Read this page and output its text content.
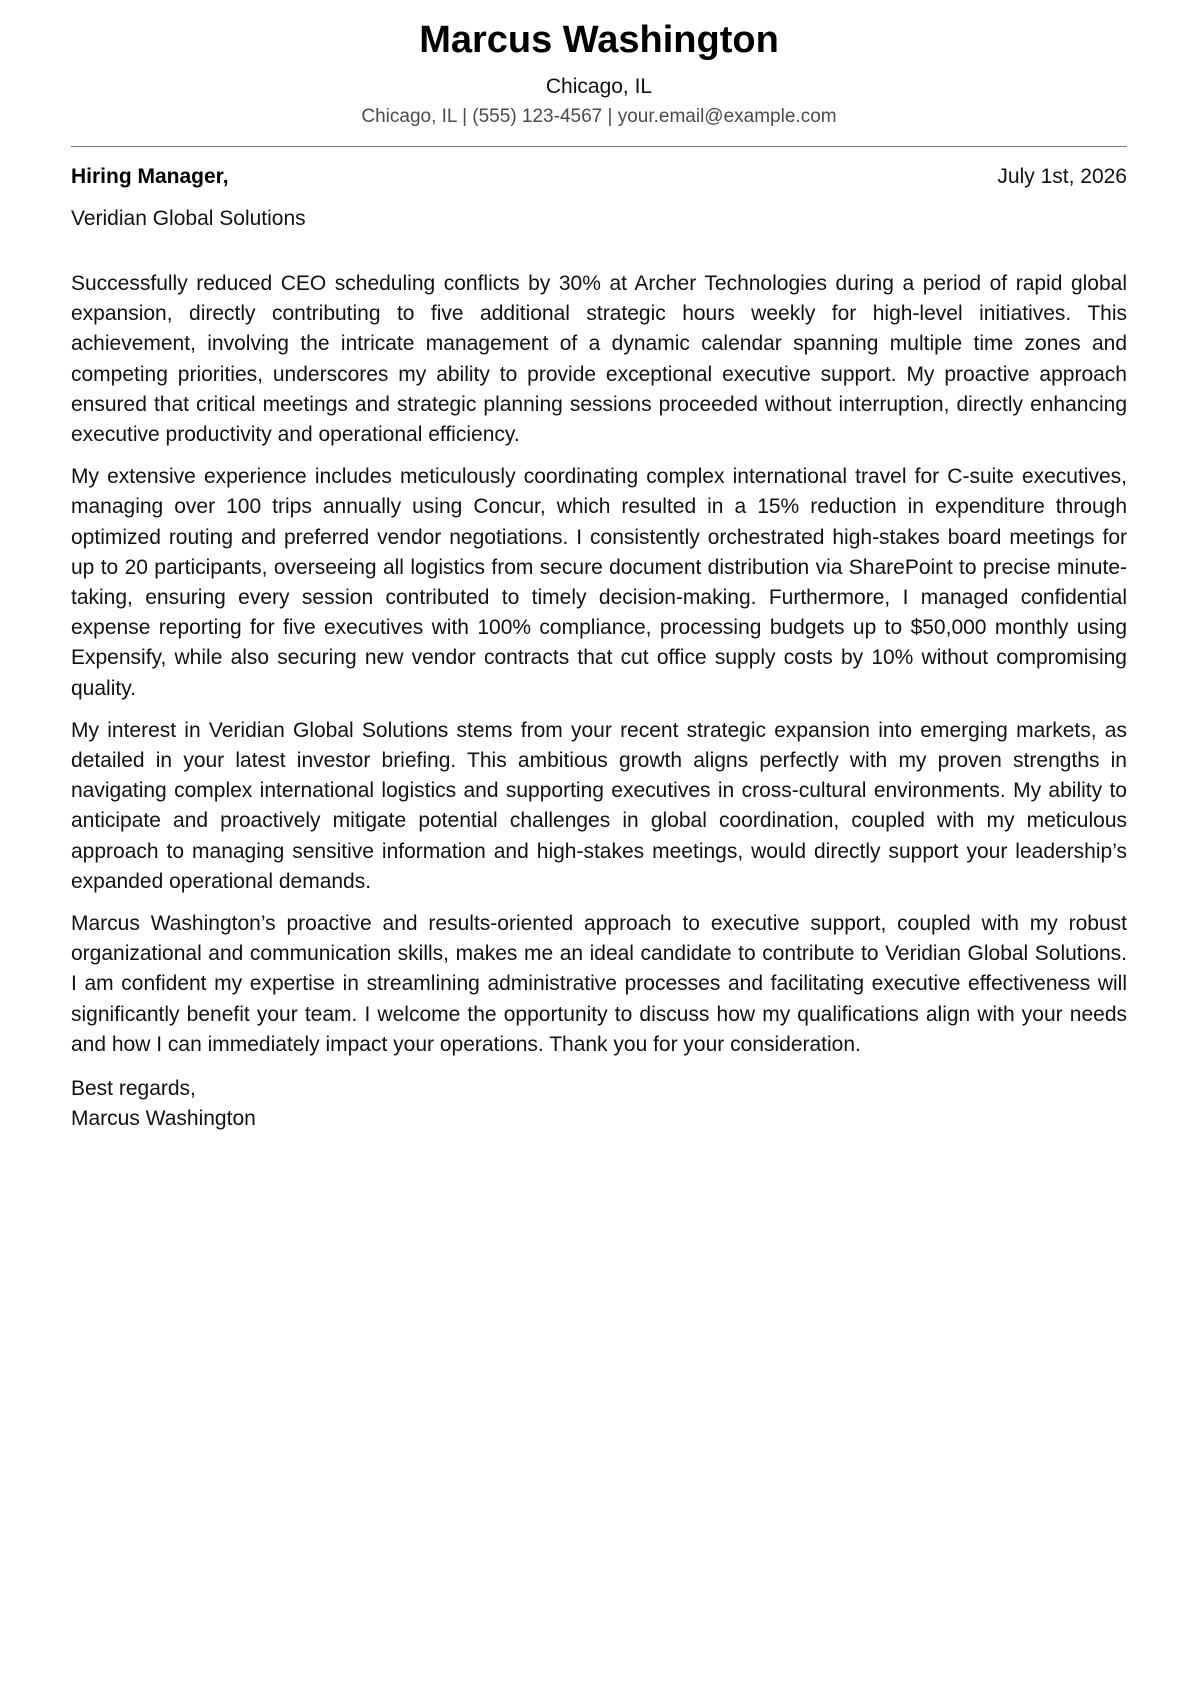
Marcus Washington
Chicago, IL
Chicago, IL | (555) 123-4567 | your.email@example.com
Hiring Manager,	July 1st, 2026
Veridian Global Solutions

Successfully reduced CEO scheduling conflicts by 30% at Archer Technologies during a period of rapid global expansion, directly contributing to five additional strategic hours weekly for high-level initiatives. This achievement, involving the intricate management of a dynamic calendar spanning multiple time zones and competing priorities, underscores my ability to provide exceptional executive support. My proactive approach ensured that critical meetings and strategic planning sessions proceeded without interruption, directly enhancing executive productivity and operational efficiency.

My extensive experience includes meticulously coordinating complex international travel for C-suite executives, managing over 100 trips annually using Concur, which resulted in a 15% reduction in expenditure through optimized routing and preferred vendor negotiations. I consistently orchestrated high-stakes board meetings for up to 20 participants, overseeing all logistics from secure document distribution via SharePoint to precise minute-taking, ensuring every session contributed to timely decision-making. Furthermore, I managed confidential expense reporting for five executives with 100% compliance, processing budgets up to $50,000 monthly using Expensify, while also securing new vendor contracts that cut office supply costs by 10% without compromising quality.

My interest in Veridian Global Solutions stems from your recent strategic expansion into emerging markets, as detailed in your latest investor briefing. This ambitious growth aligns perfectly with my proven strengths in navigating complex international logistics and supporting executives in cross-cultural environments. My ability to anticipate and proactively mitigate potential challenges in global coordination, coupled with my meticulous approach to managing sensitive information and high-stakes meetings, would directly support your leadership’s expanded operational demands.

Marcus Washington’s proactive and results-oriented approach to executive support, coupled with my robust organizational and communication skills, makes me an ideal candidate to contribute to Veridian Global Solutions. I am confident my expertise in streamlining administrative processes and facilitating executive effectiveness will significantly benefit your team. I welcome the opportunity to discuss how my qualifications align with your needs and how I can immediately impact your operations. Thank you for your consideration.

Best regards,
Marcus Washington
